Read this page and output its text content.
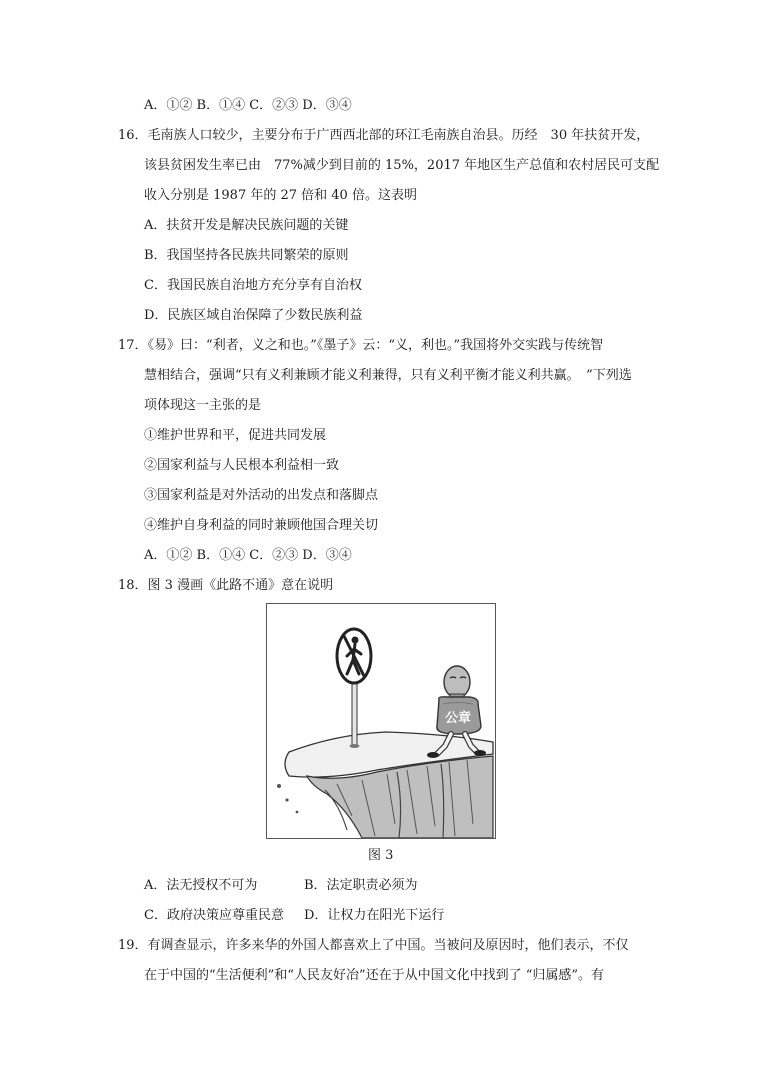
A．①② B．①④ C．②③ D．③④
16．毛南族人口较少，主要分布于广西西北部的环江毛南族自治县。历经　30 年扶贫开发，
该县贫困发生率已由　77%减少到目前的 15%，2017 年地区生产总值和农村居民可支配
收入分别是 1987 年的 27 倍和 40 倍。这表明
A．扶贫开发是解决民族问题的关键
B．我国坚持各民族共同繁荣的原则
C．我国民族自治地方充分享有自治权
D．民族区域自治保障了少数民族利益
17．《易》曰：“利者，义之和也。”《墨子》云：“义，利也。”我国将外交实践与传统智
慧相结合，强调“只有义利兼顾才能义利兼得，只有义利平衡才能义利共赢。　”下列选
项体现这一主张的是
①维护世界和平，促进共同发展
②国家利益与人民根本利益相一致
③国家利益是对外活动的出发点和落脚点
④维护自身利益的同时兼顾他国合理关切
A．①② B．①④ C．②③ D．③④
18．图 3 漫画《此路不通》意在说明
公章
图 3
A．法无授权不可为	B．法定职责必须为
C．政府决策应尊重民意 D．让权力在阳光下运行
19．有调查显示，许多来华的外国人都喜欢上了中国。当被问及原因时，他们表示，不仅
在于中国的“生活便利”和“人民友好冶”还在于从中国文化中找到了 “归属感”。有
